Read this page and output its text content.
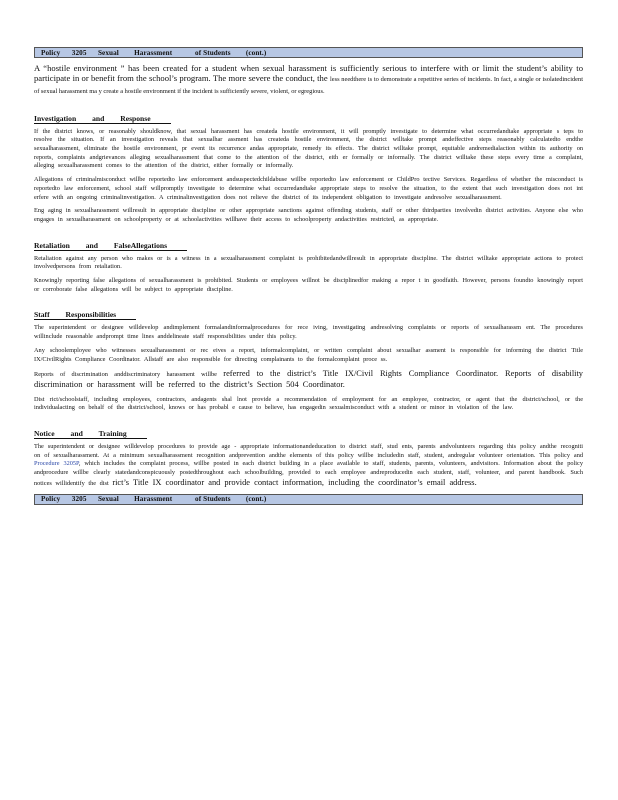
Policy
3205
Sexual
Harassment
	of Students
(cont.)
A “hostile environment ” has been created for a student when sexual harassment is sufficiently serious to interfere with or limit the student’s ability to participate in or benefit from the school’s program. The more severe the conduct, the less needthere is to demonstrate a repetitive series of incidents. In fact, a single or isolatedincident of sexual harassment ma y create a hostile environment if the incident is sufficiently severe, violent, or egregious.
Investigation and Response

If the district knows, or reasonably shouldknow, that sexual harassment has createda hostile environment, it will promptly investigate to determine what occurredandtake appropriate s teps to resolve the situation. If an investigation reveals that sexualhar assment has createda hostile environment, the district willtake prompt andeffective steps reasonably calculatedto endthe sexualharassment, eliminate the hostile environment, pr event its recurrence andas appropriate, remedy its effects. The district willtake prompt, equitable andremedialaction within its authority on reports, complaints andgrievances alleging sexualharassment that come to the attention of the district, eith er formally or informally. The district willtake these steps every time a complaint, alleging sexualharassment comes to the attention of the district, either formally or informally.

Allegations of criminalmisconduct willbe reportedto law enforcement andsuspectedchildabuse willbe reportedto law enforcement or ChildPro tective Services. Regardless of whether the misconduct is reportedto law enforcement, school staff willpromptly investigate to determine what occurredandtake appropriate steps to resolve the situation, to the extent that such investigation does not int erfere with an ongoing criminalinvestigation. A criminalinvestigation does not relieve the district of its independent obligation to investigate andresolve sexualharassment.

Eng aging in sexualharassment willresult in appropriate discipline or other appropriate sanctions against offending students, staff or other thirdparties involvedin district activities. Anyone else who engages in sexualharassment on schoolproperty or at schoolactivities willhave their access to schoolproperty andactivities restricted, as appropriate.

Retaliation and FalseAllegations

Retaliation against any person who makes or is a witness in a sexualharassment complaint is prohibitedandwillresult in appropriate discipline. The district willtake appropriate actions to protect involvedpersons from retaliation.

Knowingly reporting false allegations of sexualharassment is prohibited. Students or employees willnot be disciplinedfor making a repor t in goodfaith. However, persons foundto knowingly report or corroborate false allegations will be subject to appropriate discipline.

Staff Responsibilities

The superintendent or designee willdevelop andimplement formalandinformalprocedures for rece iving, investigating andresolving complaints or reports of sexualharassm ent. The procedures willinclude reasonable andprompt time lines anddelineate staff responsibilities under this policy.

Any schoolemployee who witnesses sexualharassment or rec eives a report, informalcomplaint, or written complaint about sexualhar assment is responsible for informing the district Title IX/CivilRights Compliance Coordinator. Allstaff are also responsible for directing complainants to the formalcomplaint proce ss.

Reports of discrimination anddiscriminatory harassment willbe referred to the district’s Title IX/Civil Rights Compliance Coordinator. Reports of disability discrimination or harassment will be referred to the district’s Section 504 Coordinator.

Dist rict/schoolstaff, including employees, contractors, andagents shal lnot provide a recommendation of employment for an employee, contractor, or agent that the district/school, or the individualacting on behalf of the district/school, knows or has probabl e cause to believe, has engagedin sexualmisconduct with a student or minor in violation of the law.

Notice and Training

The superintendent or designee willdevelop procedures to provide age - appropriate informationandeducation to district staff, stud ents, parents andvolunteers regarding this policy andthe recogniti on of sexualharassment. At a minimum sexualharassment recognition andprevention andthe elements of this policy willbe includedin staff, student, andregular volunteer orientation. This policy and Procedure 3205P, which includes the complaint process, willbe posted in each district building in a place available to staff, students, parents, volunteers, andvisitors. Information about the policy andprocedure willbe clearly statedandconspicuously postedthroughout each schoolbuilding, provided to each employee andreproducedin each student, staff, volunteer, and parent handbook. Such notices willidentify the dist rict’s Title IX coordinator and provide contact information, including the coordinator’s email address.

Policy
3205
Sexual
Harassment
	of Students
(cont.)
